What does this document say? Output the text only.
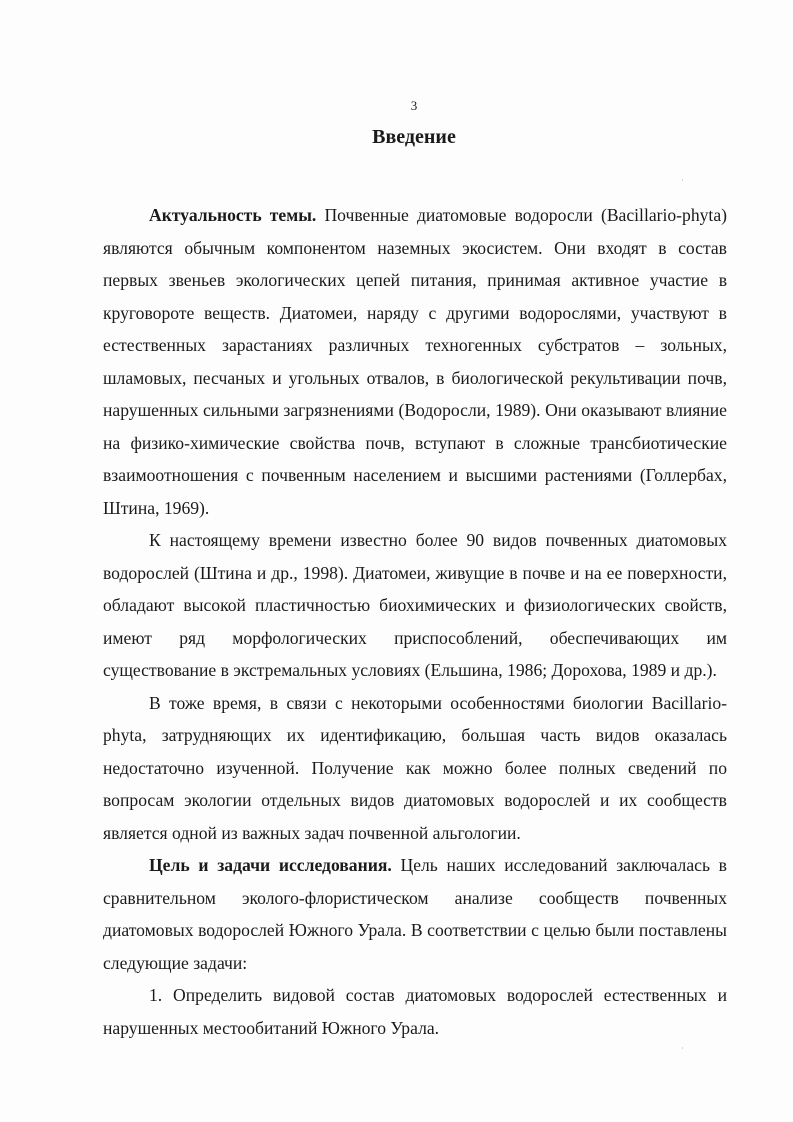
3
Введение

Актуальность темы. Почвенные диатомовые водоросли (Bacillario-phyta) являются обычным компонентом наземных экосистем. Они входят в состав первых звеньев экологических цепей питания, принимая активное участие в круговороте веществ. Диатомеи, наряду с другими водорослями, участвуют в естественных зарастаниях различных техногенных субстратов – зольных, шламовых, песчаных и угольных отвалов, в биологической рекультивации почв, нарушенных сильными загрязнениями (Водоросли, 1989). Они оказывают влияние на физико-химические свойства почв, вступают в сложные трансбиотические взаимоотношения с почвенным населением и высшими растениями (Голлербах, Штина, 1969).

К настоящему времени известно более 90 видов почвенных диатомовых водорослей (Штина и др., 1998). Диатомеи, живущие в почве и на ее поверхности, обладают высокой пластичностью биохимических и физиологических свойств, имеют ряд морфологических приспособлений, обеспечивающих им существование в экстремальных условиях (Ельшина, 1986; Дорохова, 1989 и др.).

В тоже время, в связи с некоторыми особенностями биологии Bacillario-phyta, затрудняющих их идентификацию, большая часть видов оказалась недостаточно изученной. Получение как можно более полных сведений по вопросам экологии отдельных видов диатомовых водорослей и их сообществ является одной из важных задач почвенной альгологии.

Цель и задачи исследования. Цель наших исследований заключалась в сравнительном эколого-флористическом анализе сообществ почвенных диатомовых водорослей Южного Урала. В соответствии с целью были поставлены следующие задачи:

1. Определить видовой состав диатомовых водорослей естественных и нарушенных местообитаний Южного Урала.

˙
˙
